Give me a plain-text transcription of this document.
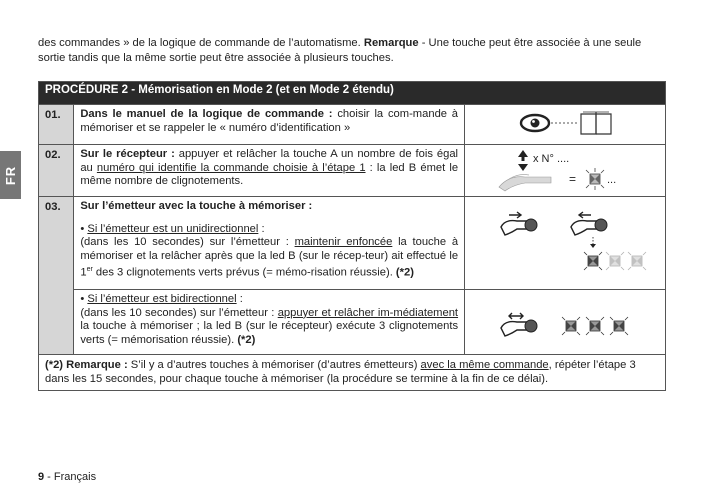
des commandes » de la logique de commande de l’automatisme. Remarque - Une touche peut être associée à une seule sortie tandis que la même sortie peut être associée à plusieurs touches.
FR
PROCÉDURE 2 - Mémorisation en Mode 2 (et en Mode 2 étendu)		
01.	Dans le manuel de la logique de commande : choisir la com-mande à mémoriser et se rappeler le « numéro d’identification »	

02.	Sur le récepteur : appuyer et relâcher la touche A un nombre de fois égal au numéro qui identifie la commande choisie à l’étape 1 : la led B émet le même nombre de clignotements.	x N° ....
= ...

03.	Sur l’émetteur avec la touche à mémoriser :
• Si l’émetteur est un unidirectionnel :
(dans les 10 secondes) sur l’émetteur : maintenir enfoncée la touche à mémoriser et la relâcher après que la led B (sur le récep-teur) ait effectué le 1er des 3 clignotements verts prévus (= mémo-risation réussie). (*2)

	• Si l’émetteur est bidirectionnel :
(dans les 10 secondes) sur l’émetteur : appuyer et relâcher im-médiatement la touche à mémoriser ; la led B (sur le récepteur) exécute 3 clignotements verts (= mémorisation réussie). (*2)

(*2) Remarque : S’il y a d’autres touches à mémoriser (d’autres émetteurs) avec la même commande, répéter l’étape 3 dans les 15 secondes, pour chaque touche à mémoriser (la procédure se termine à la fin de ce délai).		
9 - Français
